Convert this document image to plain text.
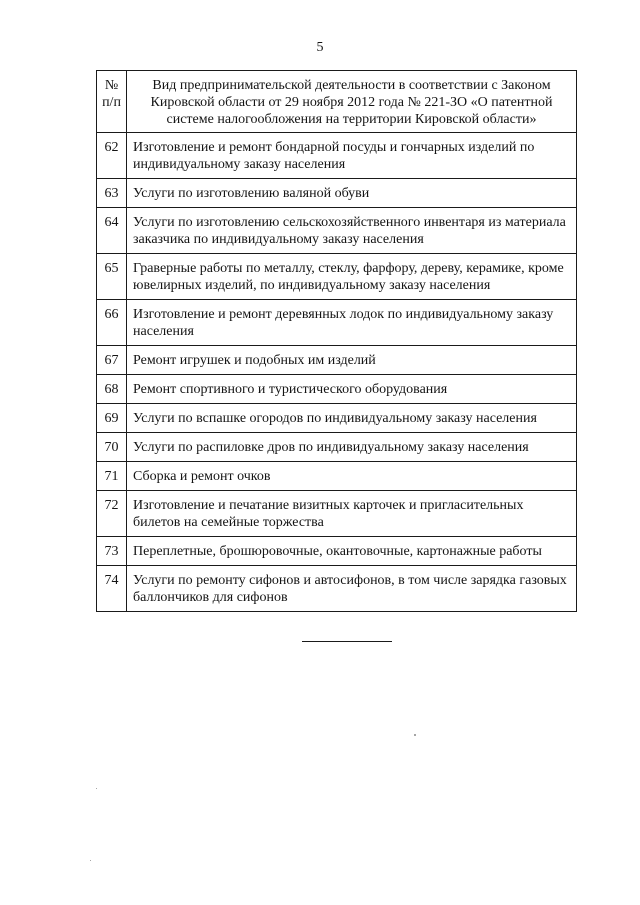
5
№ п/п	Вид предпринимательской деятельности в соответствии с Законом Кировской области от 29 ноября 2012 года № 221-ЗО «О патентной системе налогообложения на территории Кировской области»
62	Изготовление и ремонт бондарной посуды и гончарных изделий по индивидуальному заказу населения
63	Услуги по изготовлению валяной обуви
64	Услуги по изготовлению сельскохозяйственного инвентаря из материала заказчика по индивидуальному заказу населения
65	Граверные работы по металлу, стеклу, фарфору, дереву, керамике, кроме ювелирных изделий, по индивидуальному заказу населения
66	Изготовление и ремонт деревянных лодок по индивидуальному заказу населения
67	Ремонт игрушек и подобных им изделий
68	Ремонт спортивного и туристического оборудования
69	Услуги по вспашке огородов по индивидуальному заказу населения
70	Услуги по распиловке дров по индивидуальному заказу населения
71	Сборка и ремонт очков
72	Изготовление и печатание визитных карточек и пригласительных билетов на семейные торжества
73	Переплетные, брошюровочные, окантовочные, картонажные работы
74	Услуги по ремонту сифонов и автосифонов, в том числе зарядка газовых баллончиков для сифонов
